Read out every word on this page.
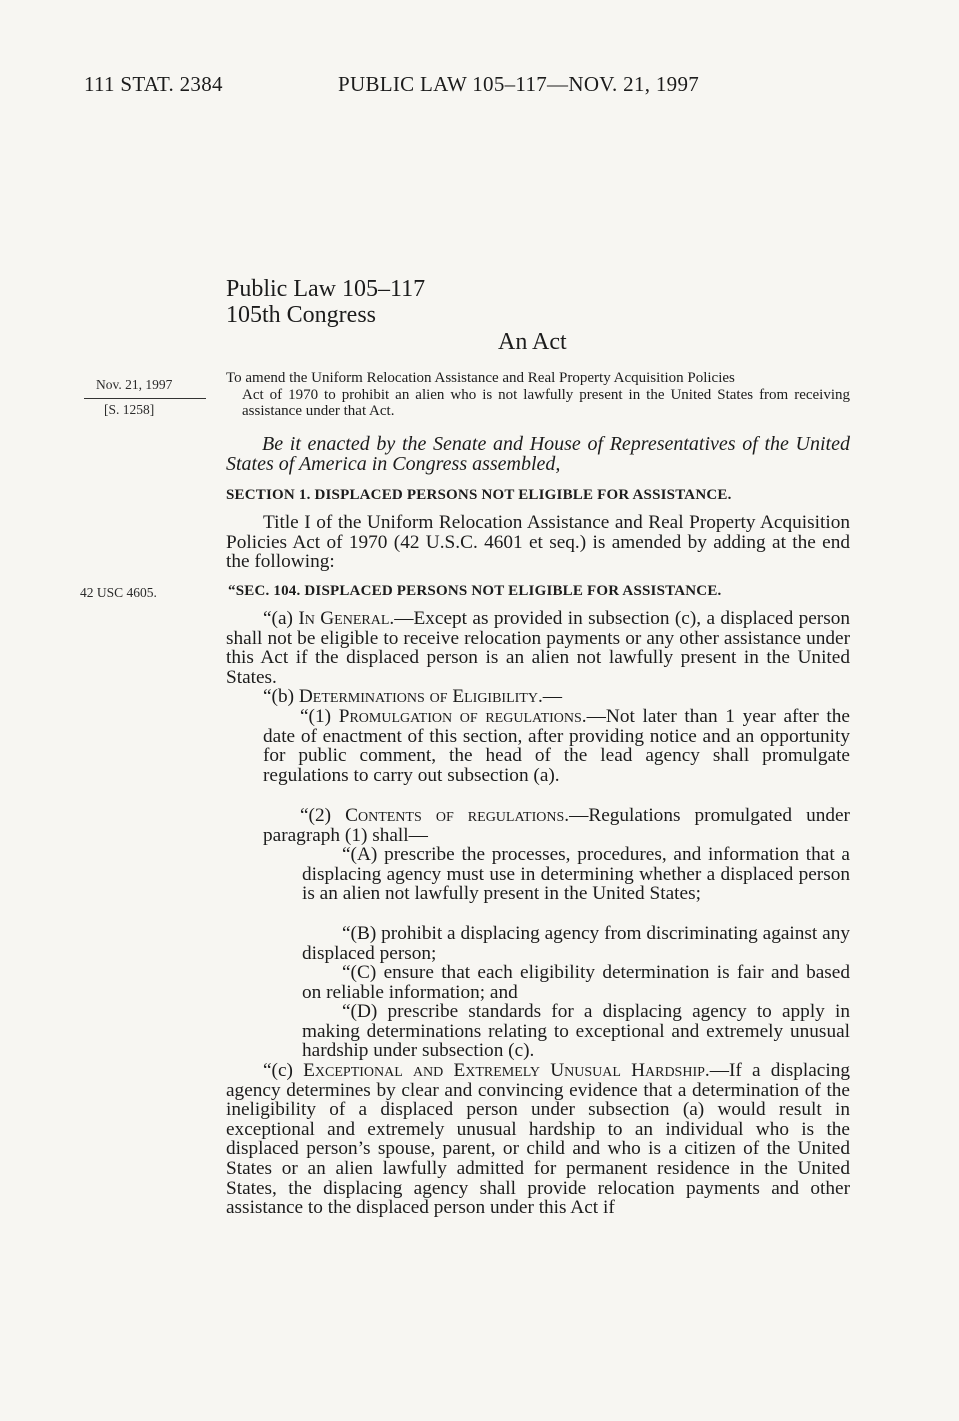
111 STAT. 2384	PUBLIC LAW 105–117—NOV. 21, 1997
Public Law 105–117
105th Congress
An Act
Nov. 21, 1997
[S. 1258]
42 USC 4605.
To amend the Uniform Relocation Assistance and Real Property Acquisition Policies
Act of 1970 to prohibit an alien who is not lawfully present in the United States from receiving assistance under that Act.
Be it enacted by the Senate and House of Representatives of the United States of America in Congress assembled,
SECTION 1. DISPLACED PERSONS NOT ELIGIBLE FOR ASSISTANCE.
Title I of the Uniform Relocation Assistance and Real Property Acquisition Policies Act of 1970 (42 U.S.C. 4601 et seq.) is amended by adding at the end the following:
“SEC. 104. DISPLACED PERSONS NOT ELIGIBLE FOR ASSISTANCE.
“(a) In General.—Except as provided in subsection (c), a displaced person shall not be eligible to receive relocation payments or any other assistance under this Act if the displaced person is an alien not lawfully present in the United States.
“(b) Determinations of Eligibility.—
“(1) Promulgation of regulations.—Not later than 1 year after the date of enactment of this section, after providing notice and an opportunity for public comment, the head of the lead agency shall promulgate regulations to carry out subsection (a).
“(2) Contents of regulations.—Regulations promulgated under paragraph (1) shall—
“(A) prescribe the processes, procedures, and information that a displacing agency must use in determining whether a displaced person is an alien not lawfully present in the United States;
“(B) prohibit a displacing agency from discriminating against any displaced person;
“(C) ensure that each eligibility determination is fair and based on reliable information; and
“(D) prescribe standards for a displacing agency to apply in making determinations relating to exceptional and extremely unusual hardship under subsection (c).
“(c) Exceptional and Extremely Unusual Hardship.—If a displacing agency determines by clear and convincing evidence that a determination of the ineligibility of a displaced person under subsection (a) would result in exceptional and extremely unusual hardship to an individual who is the displaced person’s spouse, parent, or child and who is a citizen of the United States or an alien lawfully admitted for permanent residence in the United States, the displacing agency shall provide relocation payments and other assistance to the displaced person under this Act if
